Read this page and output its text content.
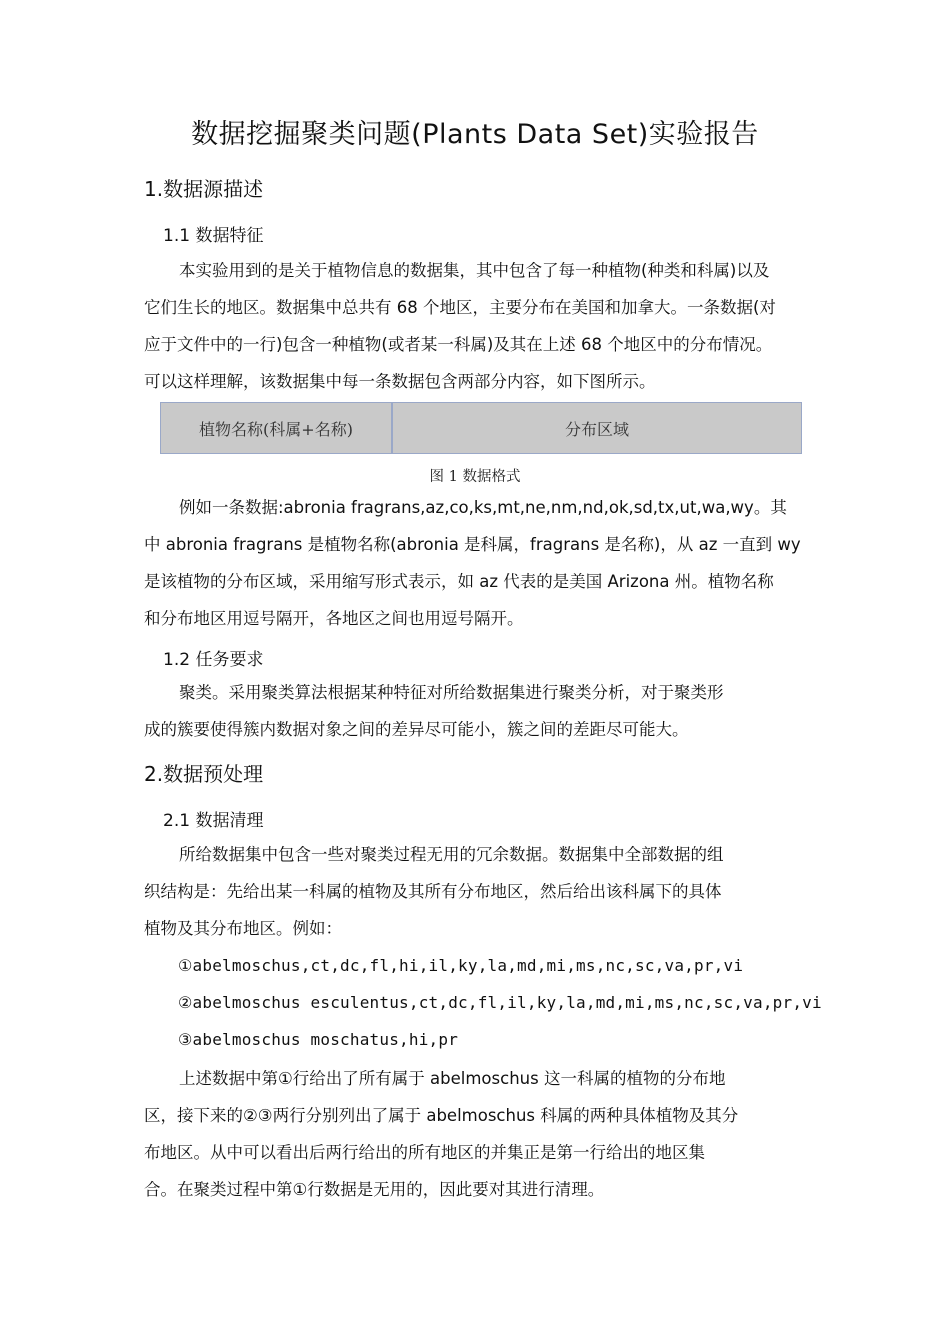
数据挖掘聚类问题(Plants Data Set)实验报告
1.数据源描述
1.1 数据特征
本实验用到的是关于植物信息的数据集，其中包含了每一种植物(种类和科属)以及
它们生长的地区。数据集中总共有 68 个地区，主要分布在美国和加拿大。一条数据(对
应于文件中的一行)包含一种植物(或者某一科属)及其在上述 68 个地区中的分布情况。
可以这样理解，该数据集中每一条数据包含两部分内容，如下图所示。
植物名称(科属+名称)	分布区域
图 1 数据格式
例如一条数据:abronia fragrans,az,co,ks,mt,ne,nm,nd,ok,sd,tx,ut,wa,wy。其
中 abronia fragrans 是植物名称(abronia 是科属，fragrans 是名称)，从 az 一直到 wy
是该植物的分布区域，采用缩写形式表示，如 az 代表的是美国 Arizona 州。植物名称
和分布地区用逗号隔开，各地区之间也用逗号隔开。
1.2 任务要求
聚类。采用聚类算法根据某种特征对所给数据集进行聚类分析，对于聚类形
成的簇要使得簇内数据对象之间的差异尽可能小，簇之间的差距尽可能大。
2.数据预处理
2.1 数据清理
所给数据集中包含一些对聚类过程无用的冗余数据。数据集中全部数据的组
织结构是：先给出某一科属的植物及其所有分布地区，然后给出该科属下的具体
植物及其分布地区。例如：
①abelmoschus,ct,dc,fl,hi,il,ky,la,md,mi,ms,nc,sc,va,pr,vi
②abelmoschus esculentus,ct,dc,fl,il,ky,la,md,mi,ms,nc,sc,va,pr,vi
③abelmoschus moschatus,hi,pr
上述数据中第①行给出了所有属于 abelmoschus 这一科属的植物的分布地
区，接下来的②③两行分别列出了属于 abelmoschus 科属的两种具体植物及其分
布地区。从中可以看出后两行给出的所有地区的并集正是第一行给出的地区集
合。在聚类过程中第①行数据是无用的，因此要对其进行清理。
